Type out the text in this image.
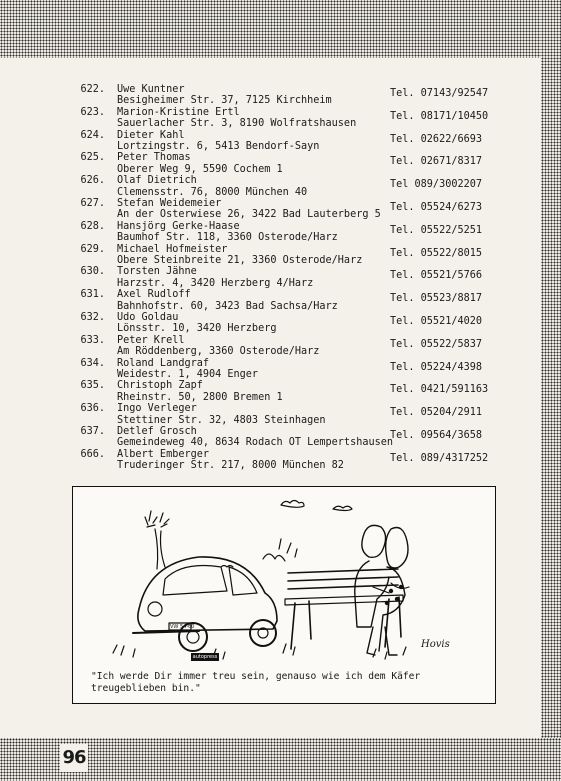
96
622. Uwe Kuntner
Besigheimer Str. 37, 7125 Kirchheim
Tel. 07143/92547
623. Marion-Kristine Ertl
Sauerlacher Str. 3, 8190 Wolfratshausen
Tel. 08171/10450
624. Dieter Kahl
Lortzingstr. 6, 5413 Bendorf-Sayn
Tel. 02622/6693
625. Peter Thomas
Oberer Weg 9, 5590 Cochem 1
Tel. 02671/8317
626. Olaf Dietrich
Clemensstr. 76, 8000 München 40
Tel 089/3002207
627. Stefan Weidemeier
An der Osterwiese 26, 3422 Bad Lauterberg 5
Tel. 05524/6273
628. Hansjörg Gerke-Haase
Baumhof Str. 118, 3360 Osterode/Harz
Tel. 05522/5251
629. Michael Hofmeister
Obere Steinbreite 21, 3360 Osterode/Harz
Tel. 05522/8015
630. Torsten Jähne
Harzstr. 4, 3420 Herzberg 4/Harz
Tel. 05521/5766
631. Axel Rudloff
Bahnhofstr. 60, 3423 Bad Sachsa/Harz
Tel. 05523/8817
632. Udo Goldau
Lönsstr. 10, 3420 Herzberg
Tel. 05521/4020
633. Peter Krell
Am Röddenberg, 3360 Osterode/Harz
Tel. 05522/5837
634. Roland Landgraf
Weidestr. 1, 4904 Enger
Tel. 05224/4398
635. Christoph Zapf
Rheinstr. 50, 2800 Bremen 1
Tel. 0421/591163
636. Ingo Verleger
Stettiner Str. 32, 4803 Steinhagen
Tel. 05204/2911
637. Detlef Grosch
Gemeindeweg 40, 8634 Rodach OT Lempertshausen
Tel. 09564/3658
666. Albert Emberger
Truderinger Str. 217, 8000 München 82
Tel. 089/4317252
autopress
VW 54-60
Hovis
"Ich werde Dir immer treu sein, genauso wie ich dem Käfer
treugeblieben bin."
